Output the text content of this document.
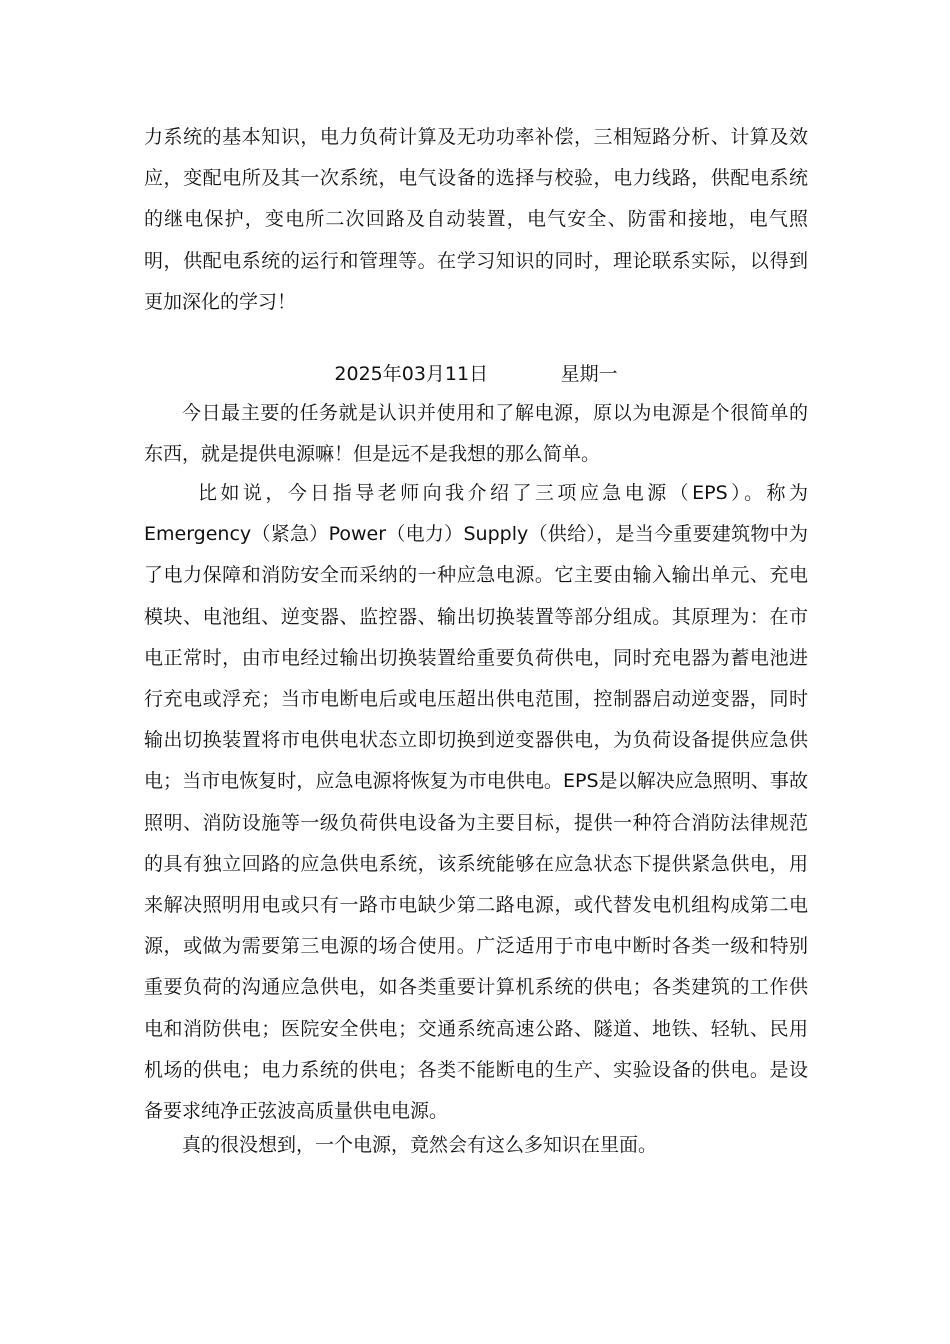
力系统的基本知识，电力负荷计算及无功功率补偿，三相短路分析、计算及效应，变配电所及其一次系统，电气设备的选择与校验，电力线路，供配电系统的继电保护，变电所二次回路及自动装置，电气安全、防雷和接地，电气照明，供配电系统的运行和管理等。在学习知识的同时，理论联系实际，以得到更加深化的学习！

2025年03月11日	星期一

今日最主要的任务就是认识并使用和了解电源，原以为电源是个很简单的东西，就是提供电源嘛！但是远不是我想的那么简单。

比如说，今日指导老师向我介绍了三项应急电源（EPS）。称为Emergency（紧急）Power（电力）Supply（供给），是当今重要建筑物中为了电力保障和消防安全而采纳的一种应急电源。它主要由输入输出单元、充电模块、电池组、逆变器、监控器、输出切换装置等部分组成。其原理为：在市电正常时，由市电经过输出切换装置给重要负荷供电，同时充电器为蓄电池进行充电或浮充；当市电断电后或电压超出供电范围，控制器启动逆变器，同时输出切换装置将市电供电状态立即切换到逆变器供电，为负荷设备提供应急供电；当市电恢复时，应急电源将恢复为市电供电。EPS是以解决应急照明、事故照明、消防设施等一级负荷供电设备为主要目标，提供一种符合消防法律规范的具有独立回路的应急供电系统，该系统能够在应急状态下提供紧急供电，用来解决照明用电或只有一路市电缺少第二路电源，或代替发电机组构成第二电源，或做为需要第三电源的场合使用。广泛适用于市电中断时各类一级和特别重要负荷的沟通应急供电，如各类重要计算机系统的供电；各类建筑的工作供电和消防供电；医院安全供电；交通系统高速公路、隧道、地铁、轻轨、民用机场的供电；电力系统的供电；各类不能断电的生产、实验设备的供电。是设备要求纯净正弦波高质量供电电源。

真的很没想到，一个电源，竟然会有这么多知识在里面。
